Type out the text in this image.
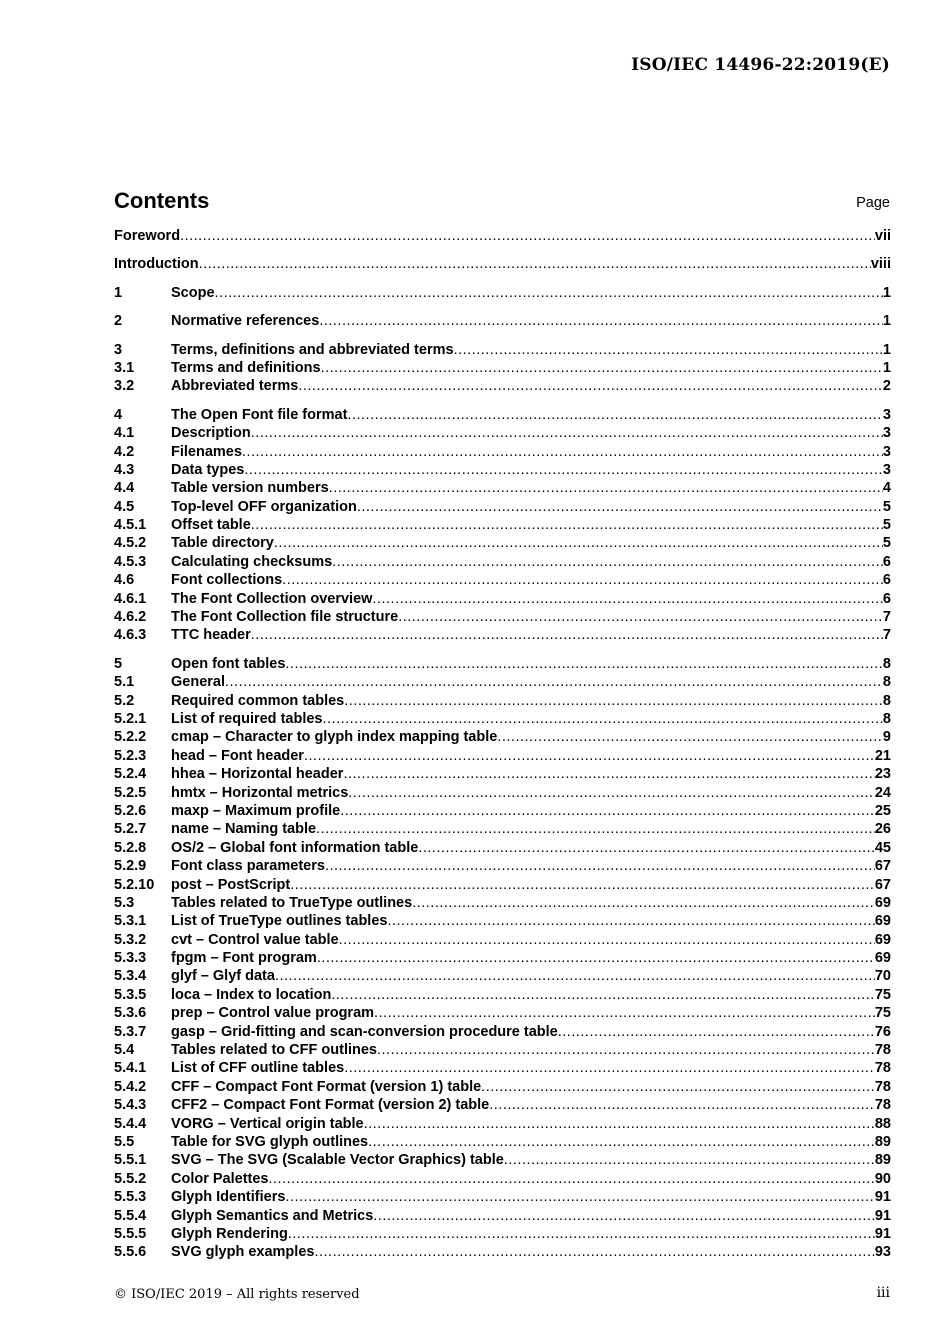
ISO/IEC 14496-22:2019(E)
Contents	Page
Foreword .....	vii
Introduction .....	viii
1	Scope .....	1
2	Normative references .....	1
3	Terms, definitions and abbreviated terms .....	1
3.1	Terms and definitions .....	1
3.2	Abbreviated terms .....	2
4	The Open Font file format .....	3
4.1	Description .....	3
4.2	Filenames .....	3
4.3	Data types .....	3
4.4	Table version numbers .....	4
4.5	Top-level OFF organization .....	5
4.5.1	Offset table .....	5
4.5.2	Table directory .....	5
4.5.3	Calculating checksums .....	6
4.6	Font collections .....	6
4.6.1	The Font Collection overview .....	6
4.6.2	The Font Collection file structure .....	7
4.6.3	TTC header .....	7
5	Open font tables .....	8
5.1	General .....	8
5.2	Required common tables .....	8
5.2.1	List of required tables .....	8
5.2.2	cmap – Character to glyph index mapping table .....	9
5.2.3	head – Font header .....	21
5.2.4	hhea – Horizontal header .....	23
5.2.5	hmtx – Horizontal metrics .....	24
5.2.6	maxp – Maximum profile .....	25
5.2.7	name – Naming table .....	26
5.2.8	OS/2 – Global font information table .....	45
5.2.9	Font class parameters .....	67
5.2.10	post – PostScript .....	67
5.3	Tables related to TrueType outlines .....	69
5.3.1	List of TrueType outlines tables .....	69
5.3.2	cvt – Control value table .....	69
5.3.3	fpgm – Font program .....	69
5.3.4	glyf – Glyf data .....	70
5.3.5	loca – Index to location .....	75
5.3.6	prep – Control value program .....	75
5.3.7	gasp – Grid-fitting and scan-conversion procedure table .....	76
5.4	Tables related to CFF outlines .....	78
5.4.1	List of CFF outline tables .....	78
5.4.2	CFF – Compact Font Format (version 1) table .....	78
5.4.3	CFF2 – Compact Font Format (version 2) table .....	78
5.4.4	VORG – Vertical origin table .....	88
5.5	Table for SVG glyph outlines .....	89
5.5.1	SVG – The SVG (Scalable Vector Graphics) table .....	89
5.5.2	Color Palettes .....	90
5.5.3	Glyph Identifiers .....	91
5.5.4	Glyph Semantics and Metrics .....	91
5.5.5	Glyph Rendering .....	91
5.5.6	SVG glyph examples .....	93
© ISO/IEC 2019 – All rights reserved	iii
